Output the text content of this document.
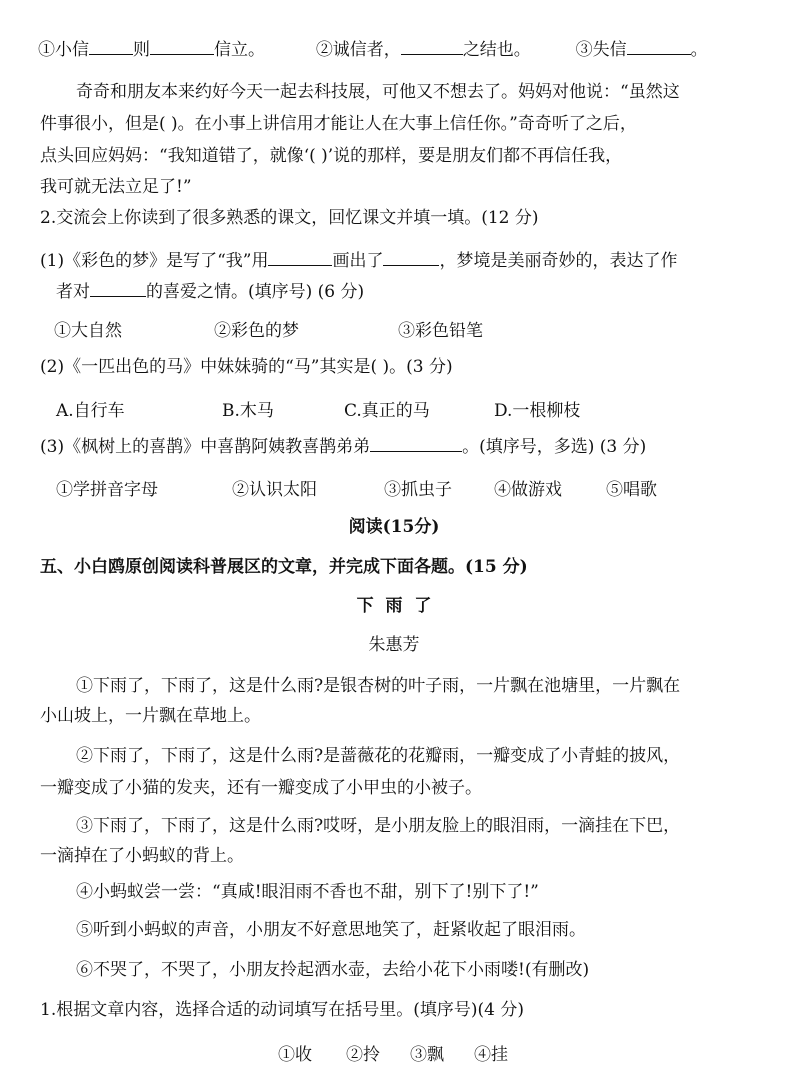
①小信	则	信立。	②诚信者，	之结也。	③失信	。
奇奇和朋友本来约好今天一起去科技展，可他又不想去了。妈妈对他说：“虽然这
件事很小，但是( )。在小事上讲信用才能让人在大事上信任你。”奇奇听了之后，
点头回应妈妈：“我知道错了，就像‘( )’说的那样，要是朋友们都不再信任我，
我可就无法立足了!”
2.交流会上你读到了很多熟悉的课文，回忆课文并填一填。(12 分)
(1)《彩色的梦》是写了“我”用	画出了	，梦境是美丽奇妙的，表达了作
者对	的喜爱之情。(填序号) (6 分)
①大自然	②彩色的梦	③彩色铅笔
(2)《一匹出色的马》中妹妹骑的“马”其实是( )。(3 分)
A.自行车	B.木马	C.真正的马	D.一根柳枝
(3)《枫树上的喜鹊》中喜鹊阿姨教喜鹊弟弟	。(填序号，多选) (3 分)
①学拼音字母	②认识太阳	③抓虫子 ④做游戏	⑤唱歌
阅读(15分)
五、小白鸥原创阅读科普展区的文章，并完成下面各题。(15 分)
下  雨  了
朱惠芳
①下雨了，下雨了，这是什么雨?是银杏树的叶子雨，一片飘在池塘里，一片飘在
小山坡上，一片飘在草地上。
②下雨了，下雨了，这是什么雨?是蔷薇花的花瓣雨，一瓣变成了小青蛙的披风，
一瓣变成了小猫的发夹，还有一瓣变成了小甲虫的小被子。
③下雨了，下雨了，这是什么雨?哎呀，是小朋友脸上的眼泪雨，一滴挂在下巴，
一滴掉在了小蚂蚁的背上。
④小蚂蚁尝一尝：“真咸!眼泪雨不香也不甜，别下了!别下了!”
⑤听到小蚂蚁的声音，小朋友不好意思地笑了，赶紧收起了眼泪雨。
⑥不哭了，不哭了，小朋友拎起洒水壶，去给小花下小雨喽!(有删改)
1.根据文章内容，选择合适的动词填写在括号里。(填序号)(4 分)
①收 ②拎 ③飘 ④挂
